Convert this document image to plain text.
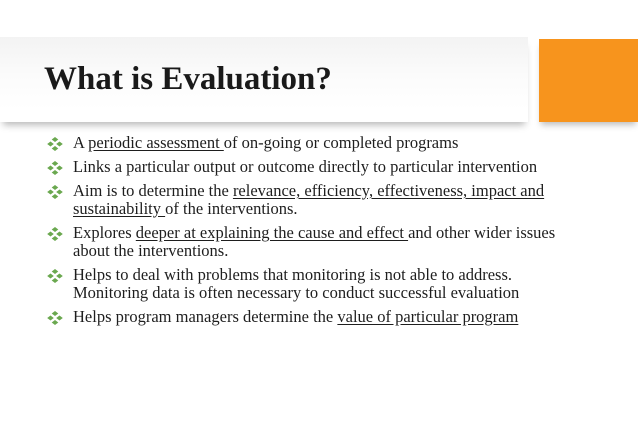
What is Evaluation?
A periodic assessment of on-going or completed programs
Links a particular output or outcome directly to particular intervention
Aim is to determine the relevance, efficiency, effectiveness, impact and sustainability of the interventions.
Explores deeper at explaining the cause and effect and other wider issues about the interventions.
Helps to deal with problems that monitoring is not able to address. Monitoring data is often necessary to conduct successful evaluation
Helps program managers determine the value of particular program
